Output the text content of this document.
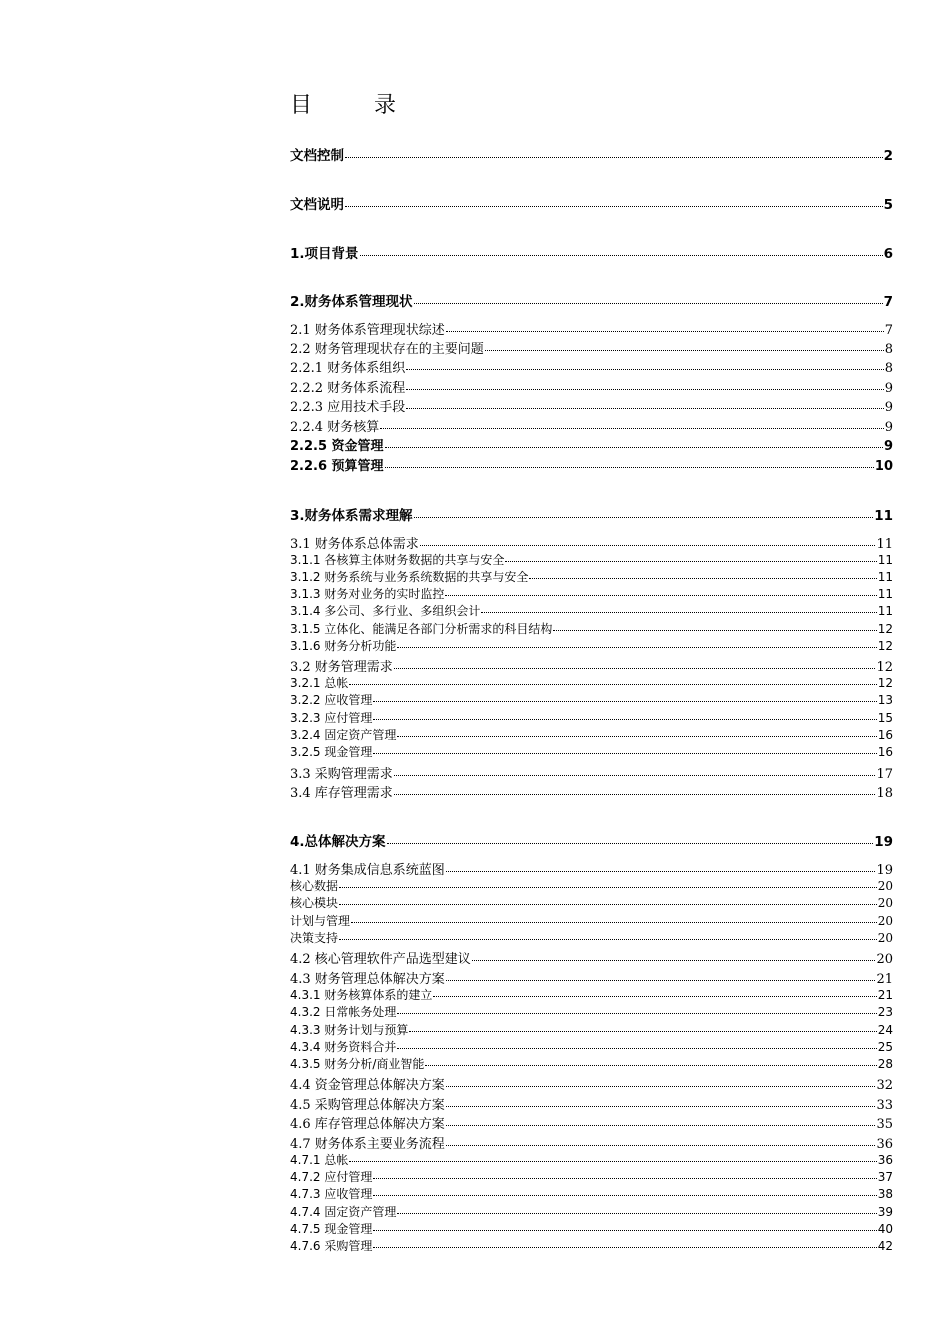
目	录
文档控制	2
文档说明	5
1.项目背景	6
2.财务体系管理现状	7
2.1 财务体系管理现状综述	7
2.2 财务管理现状存在的主要问题	8
2.2.1 财务体系组织	8
2.2.2 财务体系流程	9
2.2.3 应用技术手段	9
2.2.4 财务核算	9
2.2.5 资金管理	9
2.2.6 预算管理	10
3.财务体系需求理解	11
3.1 财务体系总体需求	11
3.1.1 各核算主体财务数据的共享与安全	11
3.1.2 财务系统与业务系统数据的共享与安全	11
3.1.3 财务对业务的实时监控	11
3.1.4 多公司、多行业、多组织会计	11
3.1.5 立体化、能满足各部门分析需求的科目结构	12
3.1.6 财务分析功能	12
3.2 财务管理需求	12
3.2.1 总帐	12
3.2.2 应收管理	13
3.2.3 应付管理	15
3.2.4 固定资产管理	16
3.2.5 现金管理	16
3.3 采购管理需求	17
3.4 库存管理需求	18
4.总体解决方案	19
4.1 财务集成信息系统蓝图	19
核心数据	20
核心模块	20
计划与管理	20
决策支持	20
4.2 核心管理软件产品选型建议	20
4.3 财务管理总体解决方案	21
4.3.1 财务核算体系的建立	21
4.3.2 日常帐务处理	23
4.3.3 财务计划与预算	24
4.3.4 财务资料合并	25
4.3.5 财务分析/商业智能	28
4.4 资金管理总体解决方案	32
4.5 采购管理总体解决方案	33
4.6 库存管理总体解决方案	35
4.7 财务体系主要业务流程	36
4.7.1 总帐	36
4.7.2 应付管理	37
4.7.3 应收管理	38
4.7.4 固定资产管理	39
4.7.5 现金管理	40
4.7.6 采购管理	42
